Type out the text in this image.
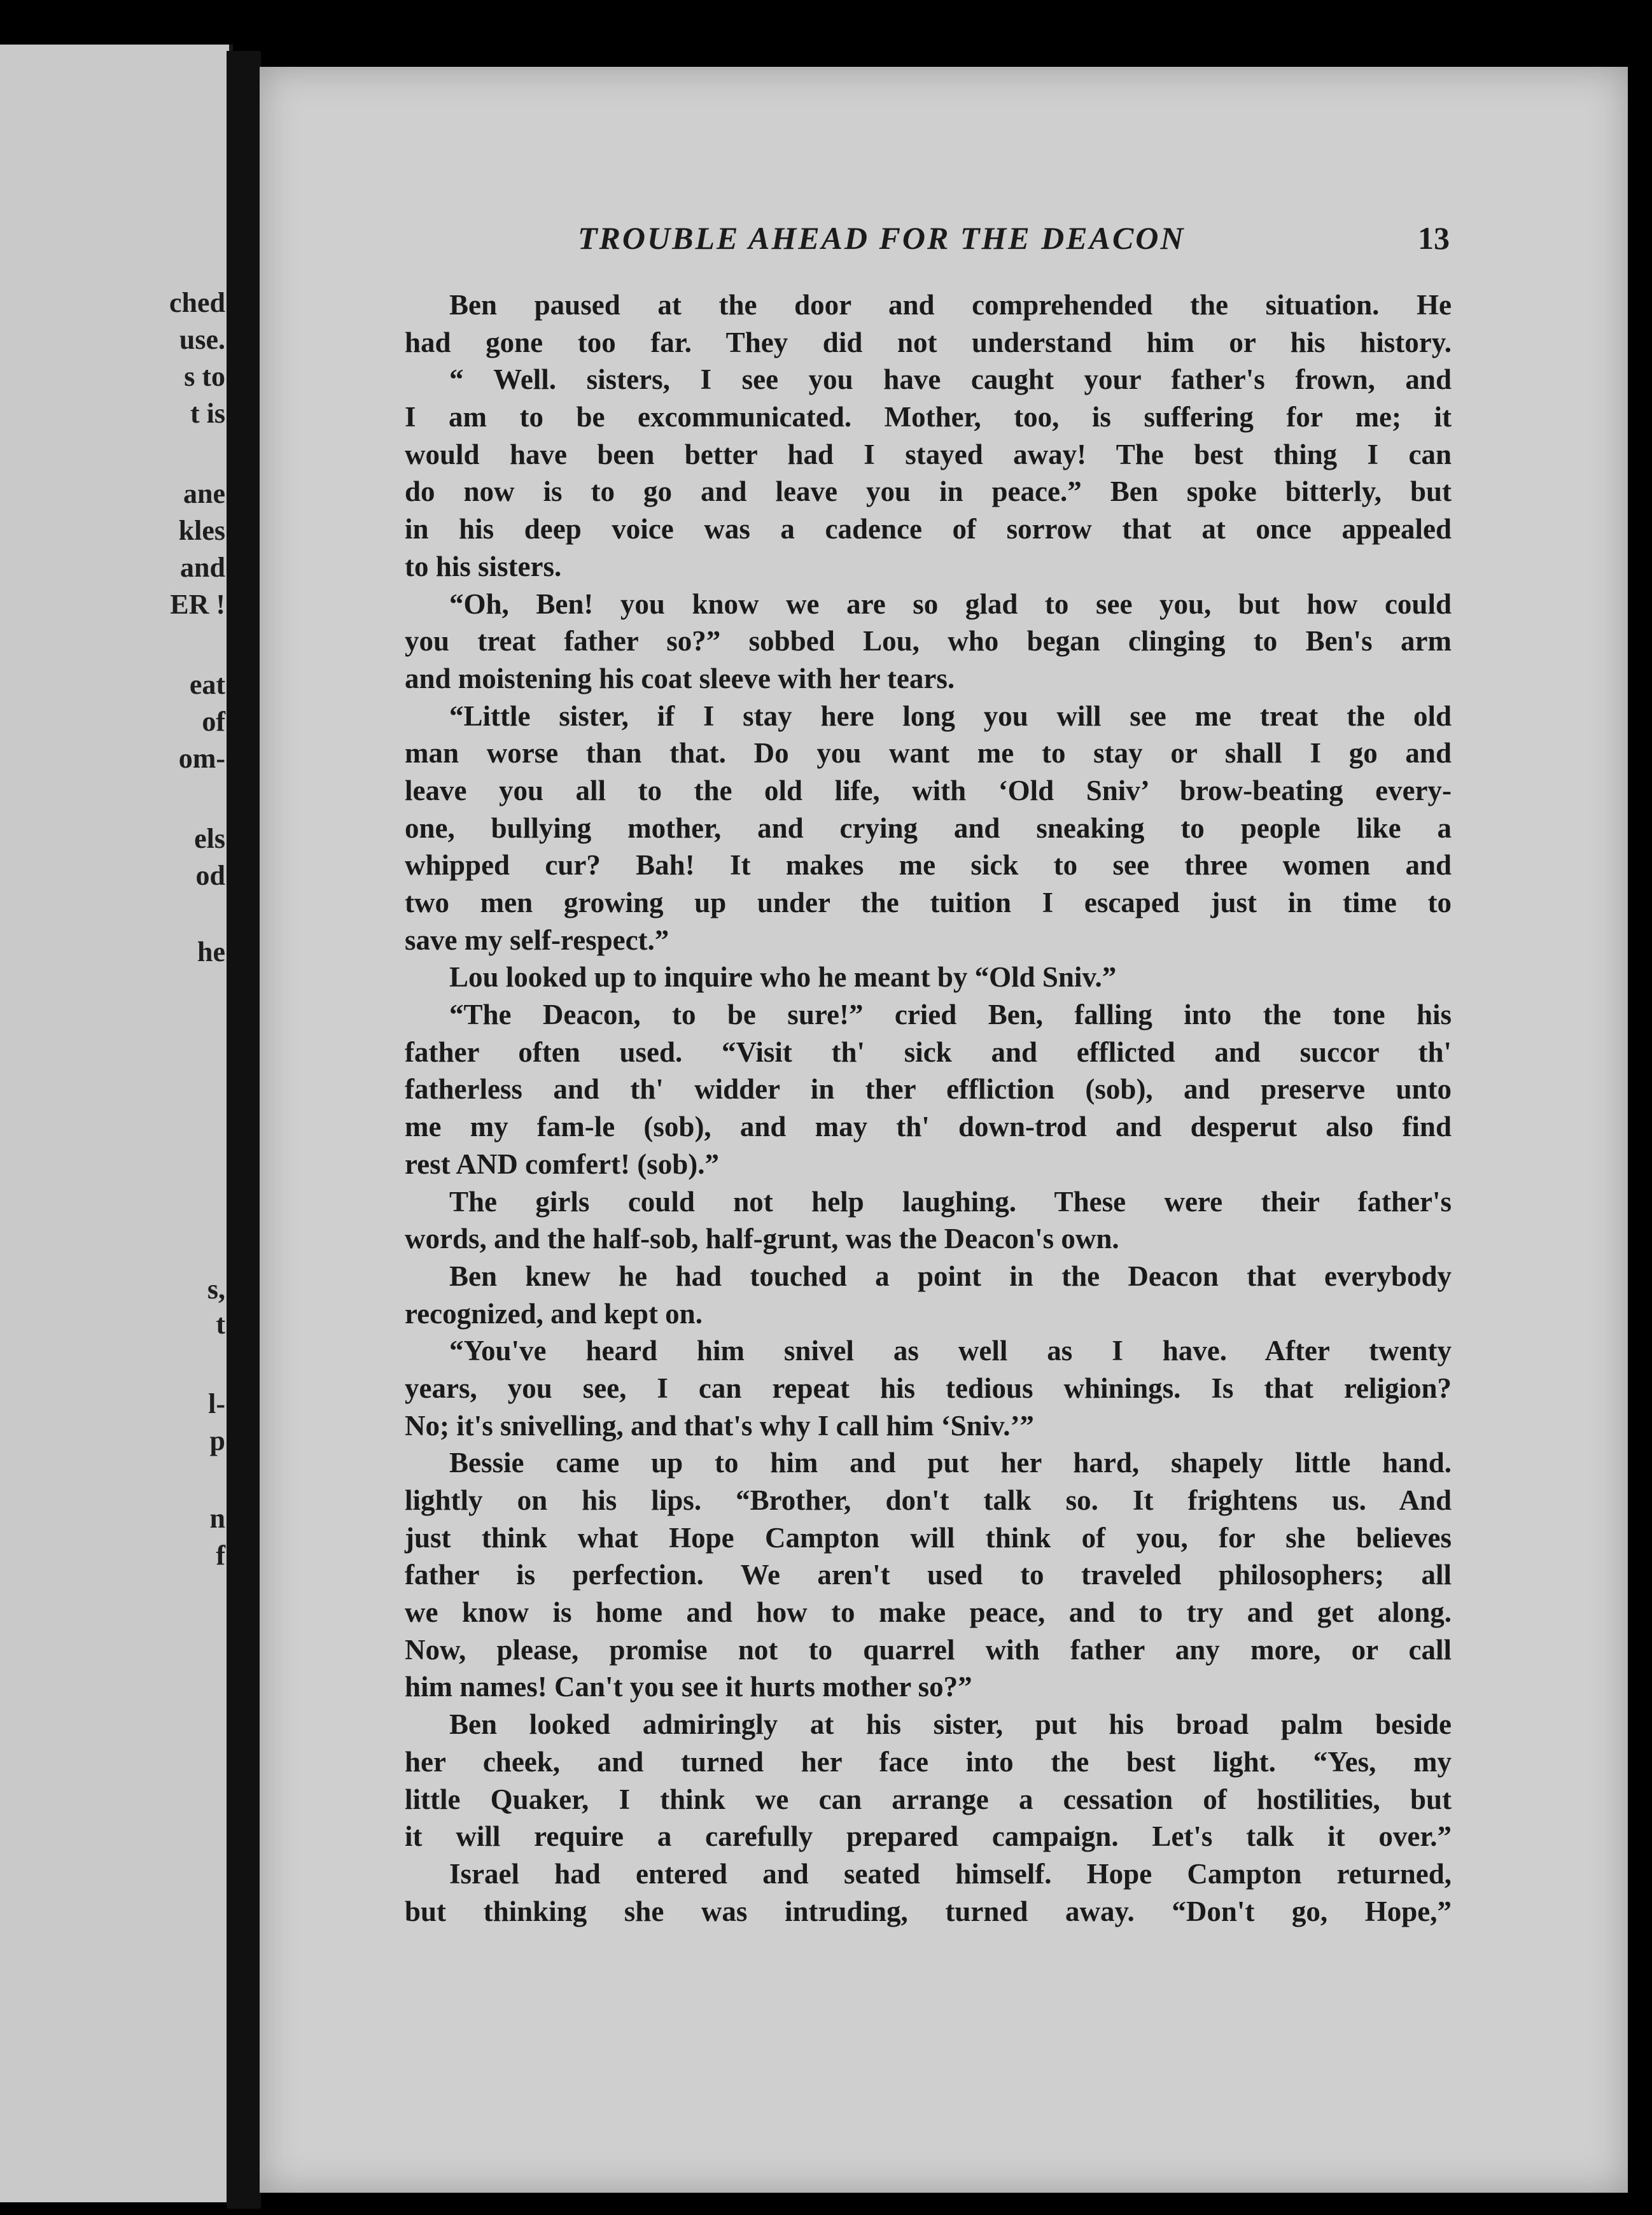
ched
use.
s to
t is
ane
kles
and
ER !
eat
of
om-
els
od
he
s,
t
l-
p
n
f
TROUBLE AHEAD FOR THE DEACON	13
Ben paused at the door and comprehended the situation. He
had gone too far. They did not understand him or his history.
“ Well. sisters, I see you have caught your father's frown, and
I am to be excommunicated. Mother, too, is suffering for me; it
would have been better had I stayed away! The best thing I can
do now is to go and leave you in peace.” Ben spoke bitterly, but
in his deep voice was a cadence of sorrow that at once appealed
to his sisters.
“Oh, Ben! you know we are so glad to see you, but how could
you treat father so?” sobbed Lou, who began clinging to Ben's arm
and moistening his coat sleeve with her tears.
“Little sister, if I stay here long you will see me treat the old
man worse than that. Do you want me to stay or shall I go and
leave you all to the old life, with ‘Old Sniv’ brow-beating every-
one, bullying mother, and crying and sneaking to people like a
whipped cur? Bah! It makes me sick to see three women and
two men growing up under the tuition I escaped just in time to
save my self-respect.”
Lou looked up to inquire who he meant by “Old Sniv.”
“The Deacon, to be sure!” cried Ben, falling into the tone his
father often used. “Visit th' sick and efflicted and succor th'
fatherless and th' widder in ther effliction (sob), and preserve unto
me my fam-le (sob), and may th' down-trod and desperut also find
rest AND comfert! (sob).”
The girls could not help laughing. These were their father's
words, and the half-sob, half-grunt, was the Deacon's own.
Ben knew he had touched a point in the Deacon that everybody
recognized, and kept on.
“You've heard him snivel as well as I have. After twenty
years, you see, I can repeat his tedious whinings. Is that religion?
No; it's snivelling, and that's why I call him ‘Sniv.’”
Bessie came up to him and put her hard, shapely little hand.
lightly on his lips. “Brother, don't talk so. It frightens us. And
just think what Hope Campton will think of you, for she believes
father is perfection. We aren't used to traveled philosophers; all
we know is home and how to make peace, and to try and get along.
Now, please, promise not to quarrel with father any more, or call
him names! Can't you see it hurts mother so?”
Ben looked admiringly at his sister, put his broad palm beside
her cheek, and turned her face into the best light. “Yes, my
little Quaker, I think we can arrange a cessation of hostilities, but
it will require a carefully prepared campaign. Let's talk it over.”
Israel had entered and seated himself. Hope Campton returned,
but thinking she was intruding, turned away. “Don't go, Hope,”
